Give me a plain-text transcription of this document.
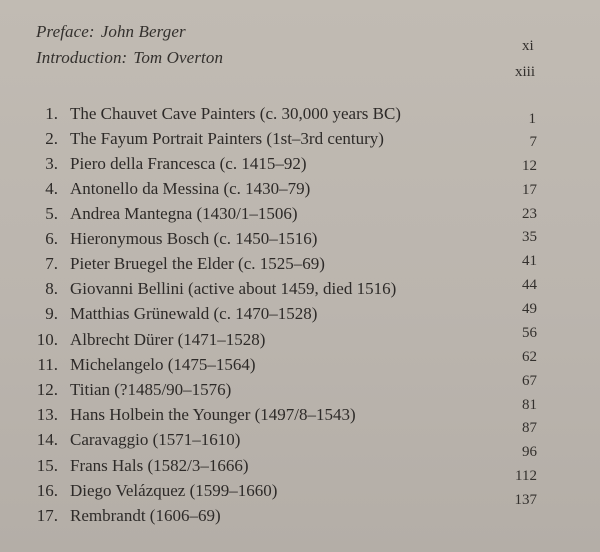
Preface: John Berger
Introduction: Tom Overton
xi
xiii
1. The Chauvet Cave Painters (c. 30,000 years BC)
2. The Fayum Portrait Painters (1st–3rd century)
3. Piero della Francesca (c. 1415–92)
4. Antonello da Messina (c. 1430–79)
5. Andrea Mantegna (1430/1–1506)
6. Hieronymous Bosch (c. 1450–1516)
7. Pieter Bruegel the Elder (c. 1525–69)
8. Giovanni Bellini (active about 1459, died 1516)
9. Matthias Grünewald (c. 1470–1528)
10. Albrecht Dürer (1471–1528)
11. Michelangelo (1475–1564)
12. Titian (?1485/90–1576)
13. Hans Holbein the Younger (1497/8–1543)
14. Caravaggio (1571–1610)
15. Frans Hals (1582/3–1666)
16. Diego Velázquez (1599–1660)
17. Rembrandt (1606–69)
1
7
12
17
23
35
41
44
49
56
62
67
81
87
96
112
137
